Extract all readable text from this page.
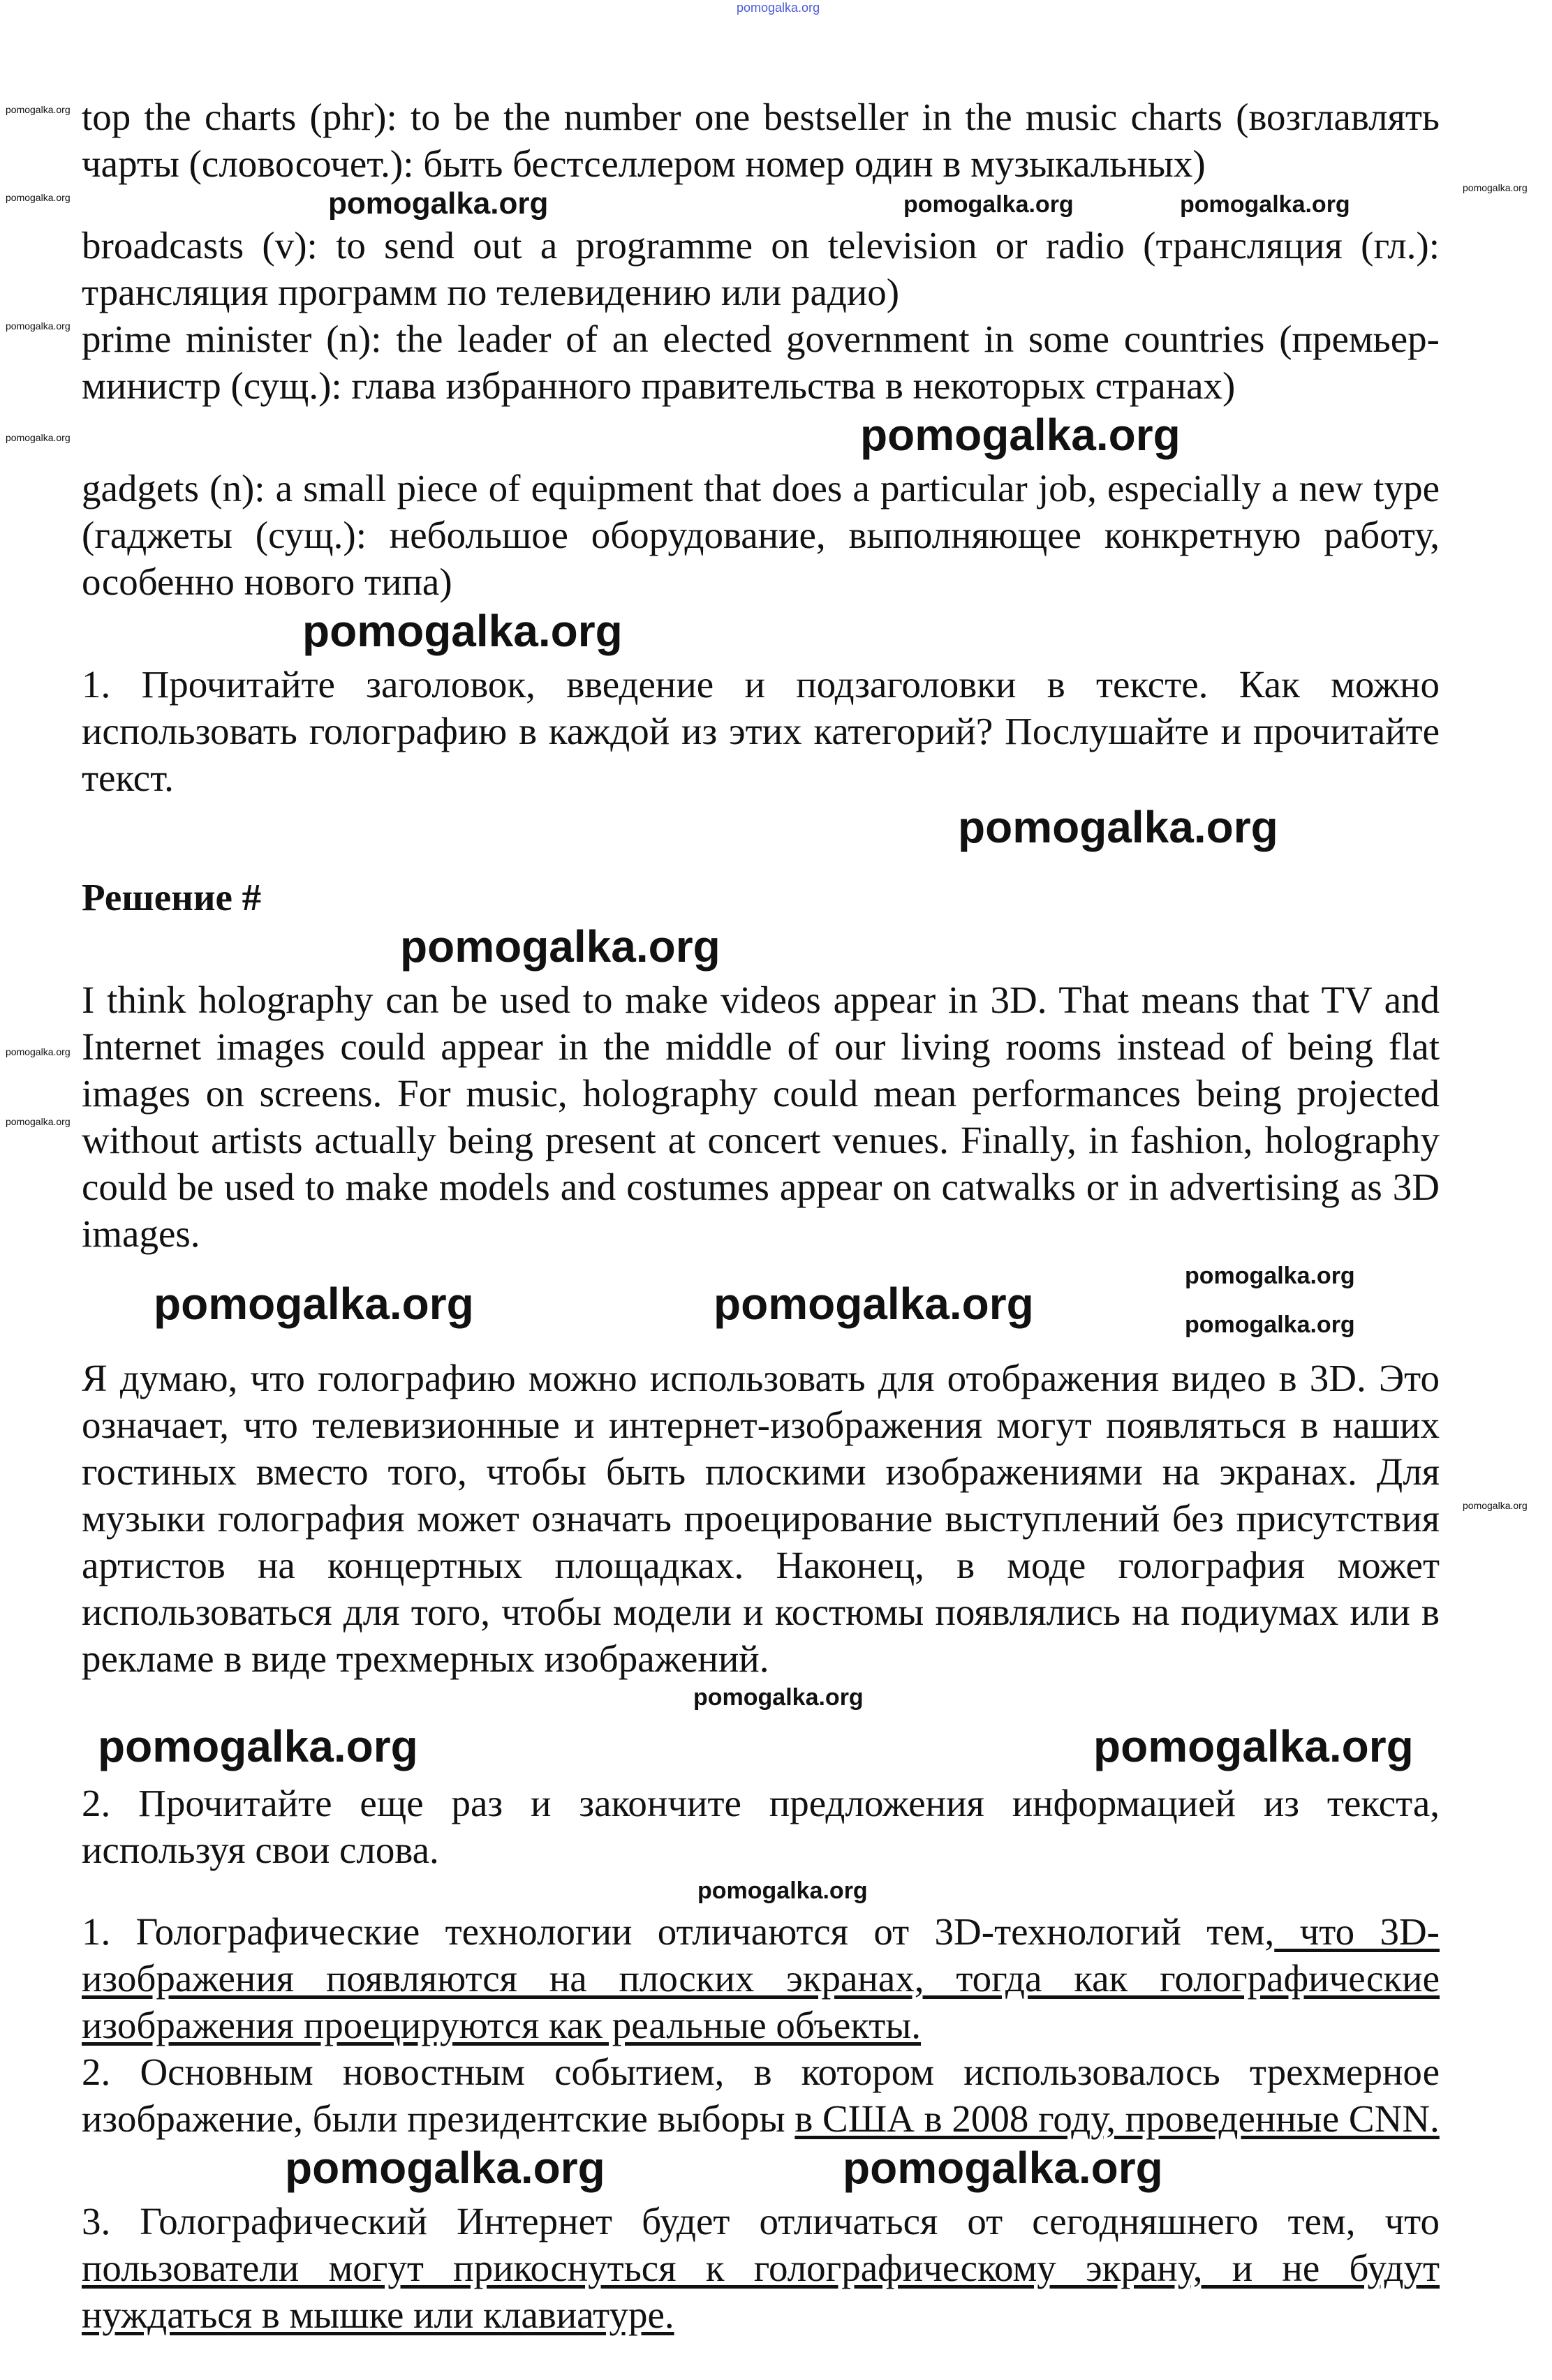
pomogalka.org
pomogalka.org
pomogalka.org
pomogalka.org
pomogalka.org
pomogalka.org
pomogalka.org
pomogalka.org
pomogalka.org

top the charts (phr): to be the number one bestseller in the music charts (возглавлять чарты (словосочет.): быть бестселлером номер один в музыкальных)

pomogalka.org	pomogalka.org	pomogalka.org

broadcasts (v): to send out a programme on television or radio (трансляция (гл.): трансляция программ по телевидению или радио)

prime minister (n): the leader of an elected government in some countries (премьер-министр (сущ.): глава избранного правительства в некоторых странах)

pomogalka.org

gadgets (n): a small piece of equipment that does a particular job, especially a new type (гаджеты (сущ.): небольшое оборудование, выполняющее конкретную работу, особенно нового типа)

pomogalka.org

1. Прочитайте заголовок, введение и подзаголовки в тексте. Как можно использовать голографию в каждой из этих категорий? Послушайте и прочитайте текст.

pomogalka.org

Решение #

pomogalka.org

I think holography can be used to make videos appear in 3D. That means that TV and Internet images could appear in the middle of our living rooms instead of being flat images on screens. For music, holography could mean performances being projected without artists actually being present at concert venues. Finally, in fashion, holography could be used to make models and costumes appear on catwalks or in advertising as 3D images.

pomogalka.org	pomogalka.org
pomogalka.org
pomogalka.org

Я думаю, что голографию можно использовать для отображения видео в 3D. Это означает, что телевизионные и интернет-изображения могут появляться в наших гостиных вместо того, чтобы быть плоскими изображениями на экранах. Для музыки голография может означать проецирование выступлений без присутствия артистов на концертных площадках. Наконец, в моде голография может использоваться для того, чтобы модели и костюмы появлялись на подиумах или в рекламе в виде трехмерных изображений.

pomogalka.org
pomogalka.org	pomogalka.org

2. Прочитайте еще раз и закончите предложения информацией из текста, используя свои слова.

pomogalka.org

1. Голографические технологии отличаются от 3D-технологий тем, что 3D-изображения появляются на плоских экранах, тогда как голографические изображения проецируются как реальные объекты.

2. Основным новостным событием, в котором использовалось трехмерное изображение, были президентские выборы в США в 2008 году, проведенные CNN.

pomogalka.org	pomogalka.org

3. Голографический Интернет будет отличаться от сегодняшнего тем, что пользователи могут прикоснуться к голографическому экрану, и не будут нуждаться в мышке или клавиатуре.
